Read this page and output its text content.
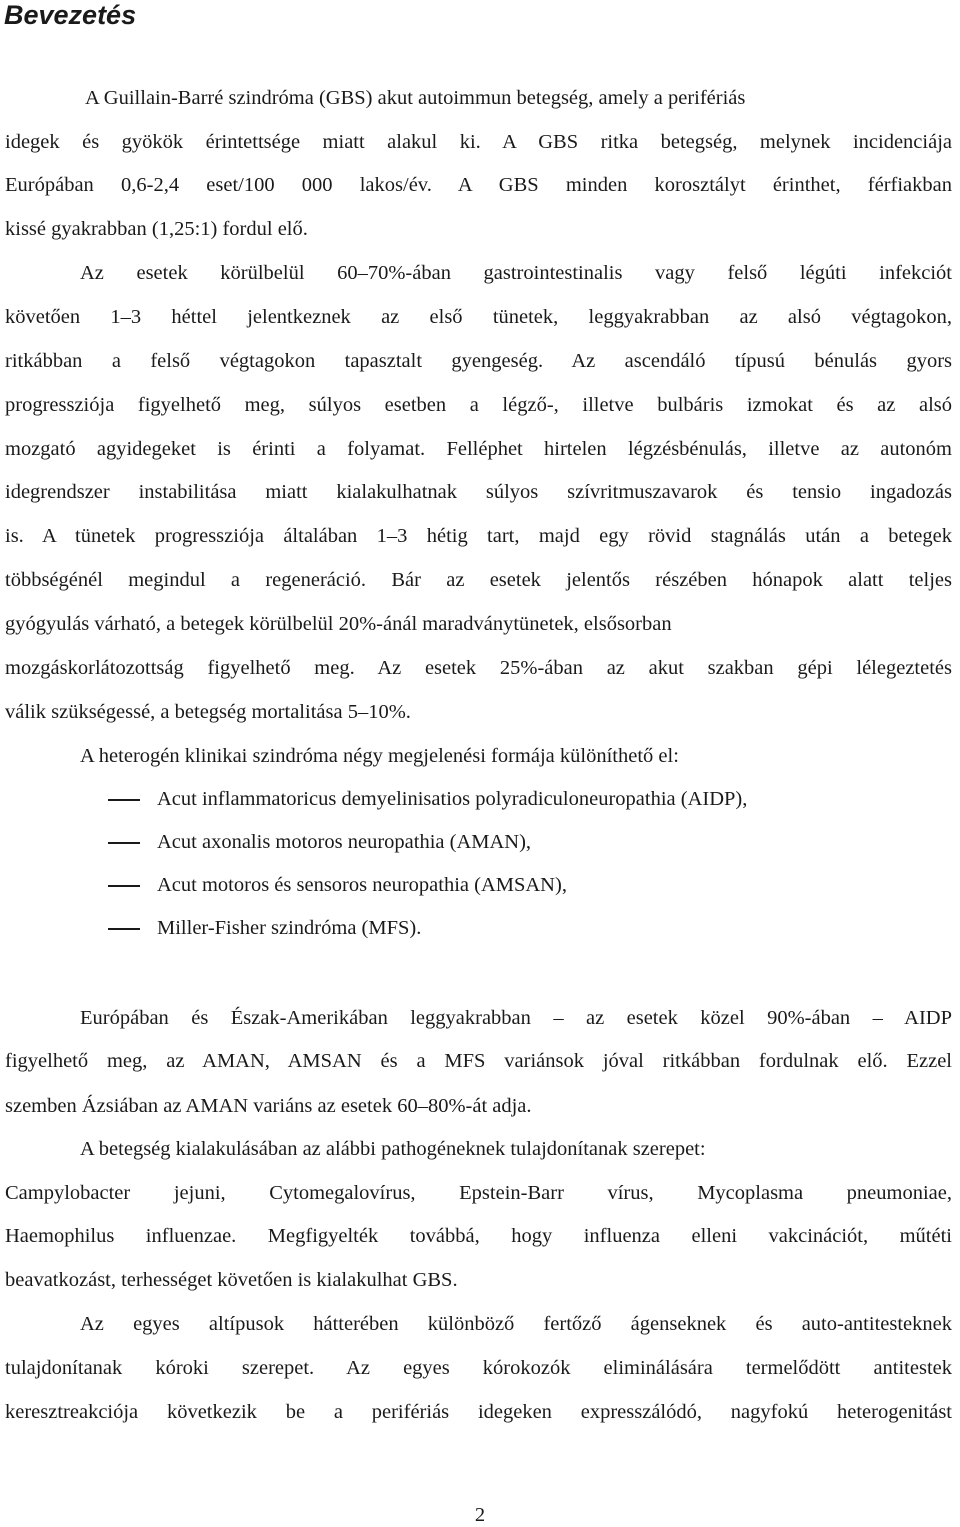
Bevezetés

A Guillain-Barré szindróma (GBS) akut autoimmun betegség, amely a perifériás

idegek és gyökök érintettsége miatt alakul ki. A GBS ritka betegség, melynek incidenciája

Európában 0,6-2,4 eset/100 000 lakos/év. A GBS minden korosztályt érinthet, férfiakban

kissé gyakrabban (1,25:1) fordul elő.

Az esetek körülbelül 60–70%-ában gastrointestinalis vagy felső légúti infekciót

követően 1–3 héttel jelentkeznek az első tünetek, leggyakrabban az alsó végtagokon,

ritkábban a felső végtagokon tapasztalt gyengeség. Az ascendáló típusú bénulás gyors

progressziója figyelhető meg, súlyos esetben a légző-, illetve bulbáris izmokat és az alsó

mozgató agyidegeket is érinti a folyamat. Felléphet hirtelen légzésbénulás, illetve az autonóm

idegrendszer instabilitása miatt kialakulhatnak súlyos szívritmuszavarok és tensio ingadozás

is. A tünetek progressziója általában 1–3 hétig tart, majd egy rövid stagnálás után a betegek

többségénél megindul a regeneráció. Bár az esetek jelentős részében hónapok alatt teljes

gyógyulás várható, a betegek körülbelül 20%-ánál maradványtünetek, elsősorban

mozgáskorlátozottság figyelhető meg. Az esetek 25%-ában az akut szakban gépi lélegeztetés

válik szükségessé, a betegség mortalitása 5–10%.

A heterogén klinikai szindróma négy megjelenési formája különíthető el:

Acut inflammatoricus demyelinisatios polyradiculoneuropathia (AIDP),
Acut axonalis motoros neuropathia (AMAN),
Acut motoros és sensoros neuropathia (AMSAN),
Miller-Fisher szindróma (MFS).

Európában és Észak-Amerikában leggyakrabban – az esetek közel 90%-ában – AIDP

figyelhető meg, az AMAN, AMSAN és a MFS variánsok jóval ritkábban fordulnak elő. Ezzel

szemben Ázsiában az AMAN variáns az esetek 60–80%-át adja.

A betegség kialakulásában az alábbi pathogéneknek tulajdonítanak szerepet:

Campylobacter jejuni, Cytomegalovírus, Epstein-Barr vírus, Mycoplasma pneumoniae,

Haemophilus influenzae. Megfigyelték továbbá, hogy influenza elleni vakcinációt, műtéti

beavatkozást, terhességet követően is kialakulhat GBS.

Az egyes altípusok hátterében különböző fertőző ágenseknek és auto-antitesteknek

tulajdonítanak kóroki szerepet. Az egyes kórokozók eliminálására termelődött antitestek

keresztreakciója következik be a perifériás idegeken expresszálódó, nagyfokú heterogenitást

2
